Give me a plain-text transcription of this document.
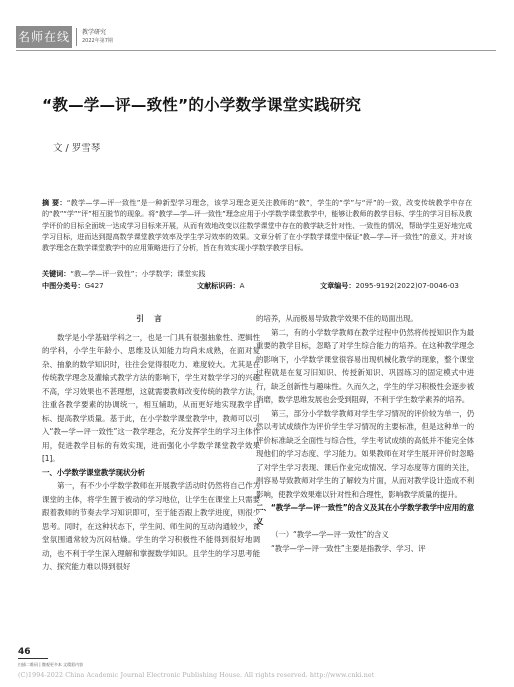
名师在线	教学研究
2022年第7期
“教—学—评—致性”的小学数学课堂实践研究
文 / 罗雪琴
摘 要：“教学—学—评一致性”是一种新型学习理念，该学习理念更关注教师的“教”，学生的“学”与“评”的一致，改变传统教学中存在的“教”“学”“评”相互脱节的现象。将“教学—学—评一致性”理念应用于小学数学课堂教学中，能够让教师的教学目标、学生的学习目标及教学评价的目标全面统一达成学习目标来开展，从而有效地改变以往数学课堂中存在的教学缺乏针对性、一致性的情况，帮助学生更好地完成学习目标，进而达到提高数学课堂教学效率及学生学习效率的效果。文章分析了在小学数学课堂中保证“教—学—评一致性”的意义，并对该教学理念在数学课堂教学中的应用策略进行了分析，旨在有效实现小学数学教学目标。
关键词：“教—学—评一致性”；小学数学；课堂实践
中图分类号：G427	文献标识码：A	文章编号：2095-9192(2022)07-0046-03

引 言

数学是小学基础学科之一，也是一门具有很强抽象性、逻辑性的学科，小学生年龄小、思维及认知能力均尚未成熟，在面对复杂、抽象的数学知识时，往往会觉得很吃力、难度较大。尤其是在传统教学理念及灌输式教学方法的影响下，学生对数学学习的兴趣不高，学习效果也不甚理想，这就需要教师改变传统的教学方法，注重各教学要素的协调统一，相互辅助，从而更好地实现教学目标、提高教学质量。基于此，在小学数学课堂教学中，教师可以引入“教—学—评一致性”这一教学理念，充分发挥学生的学习主体作用，促进教学目标的有效实现，进而强化小学数学课堂教学效果[1]。

一、小学数学课堂教学现状分析

第一，有不少小学数学教师在开展教学活动时仍然将自己作为课堂的主体，将学生置于被动的学习地位，让学生在课堂上只需要跟着教师的节奏去学习知识即可，至于能否跟上教学进度，则很少思考。同时，在这种状态下，学生间、师生间的互动沟通较少，课堂氛围通常较为沉闷枯燥。学生的学习积极性不能得到很好地调动，也不利于学生深入理解和掌握数学知识。且学生的学习思考能力、探究能力难以得到很好

的培养，从而极易导致教学效果不佳的局面出现。

第二，有的小学数学教师在教学过程中仍然将传授知识作为最重要的教学目标，忽略了对学生综合能力的培养。在这种教学理念的影响下，小学数学课堂很容易出现机械化教学的现象，整个课堂过程就是在复习旧知识、传授新知识、巩固练习的固定模式中进行，缺乏创新性与趣味性。久而久之，学生的学习积极性会逐步被消磨，数学思维发展也会受到阻碍，不利于学生数学素养的培养。

第三，部分小学数学教师对学生学习情况的评价较为单一，仍然以考试成绩作为评价学生学习情况的主要标准，但是这种单一的评价标准缺乏全面性与综合性，学生考试成绩的高低并不能完全体现他们的学习态度、学习能力。如果教师在对学生展开评价时忽略了对学生学习表现、课后作业完成情况、学习态度等方面的关注，则容易导致教师对学生的了解较为片面，从而对教学设计造成不利影响，使教学效果难以针对性和合理性，影响教学质量的提升。

二、“教学—学—评一致性”的含义及其在小学数学教学中应用的意义

（一）“教学—学—评一致性”的含义

“教学—学—评一致性”主要是指教学、学习、评

46
扫描二维码 | 微观更多本 文精彩内容
(C)1994-2022 China Academic Journal Electronic Publishing House. All rights reserved. http://www.cnki.net
